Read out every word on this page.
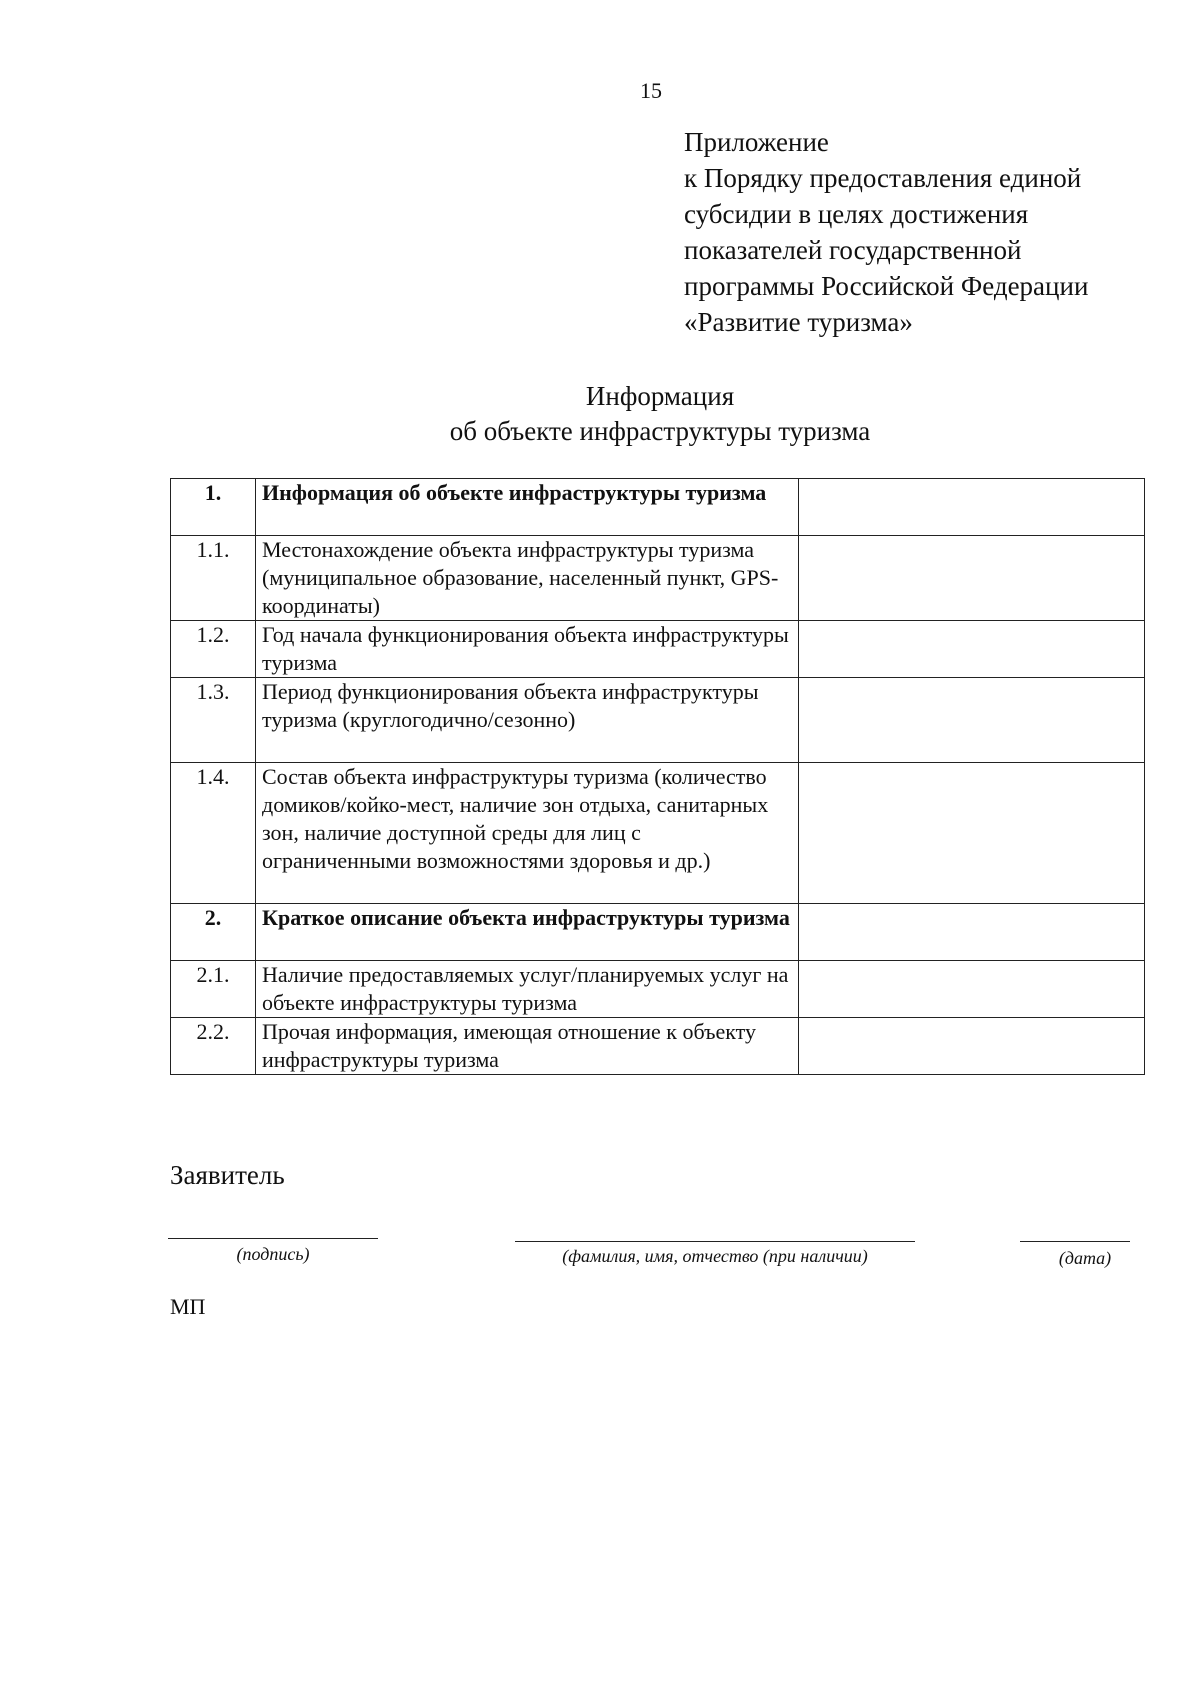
15
Приложение
к Порядку предоставления единой
субсидии в целях достижения
показателей государственной
программы Российской Федерации
«Развитие туризма»
Информация
об объекте инфраструктуры туризма
1.	Информация об объекте инфраструктуры туризма	
1.1.	Местонахождение объекта инфраструктуры туризма (муниципальное образование, населенный пункт, GPS-координаты)	
1.2.	Год начала функционирования объекта инфраструктуры туризма	
1.3.	Период функционирования объекта инфраструктуры туризма (круглогодично/сезонно)	
1.4.	Состав объекта инфраструктуры туризма (количество домиков/койко-мест, наличие зон отдыха, санитарных зон, наличие доступной среды для лиц с ограниченными возможностями здоровья и др.)	
2.	Краткое описание объекта инфраструктуры туризма	
2.1.	Наличие предоставляемых услуг/планируемых услуг на объекте инфраструктуры туризма	
2.2.	Прочая информация, имеющая отношение к объекту инфраструктуры туризма	
Заявитель
(подпись)	(фамилия, имя, отчество (при наличии)	(дата)
МП
